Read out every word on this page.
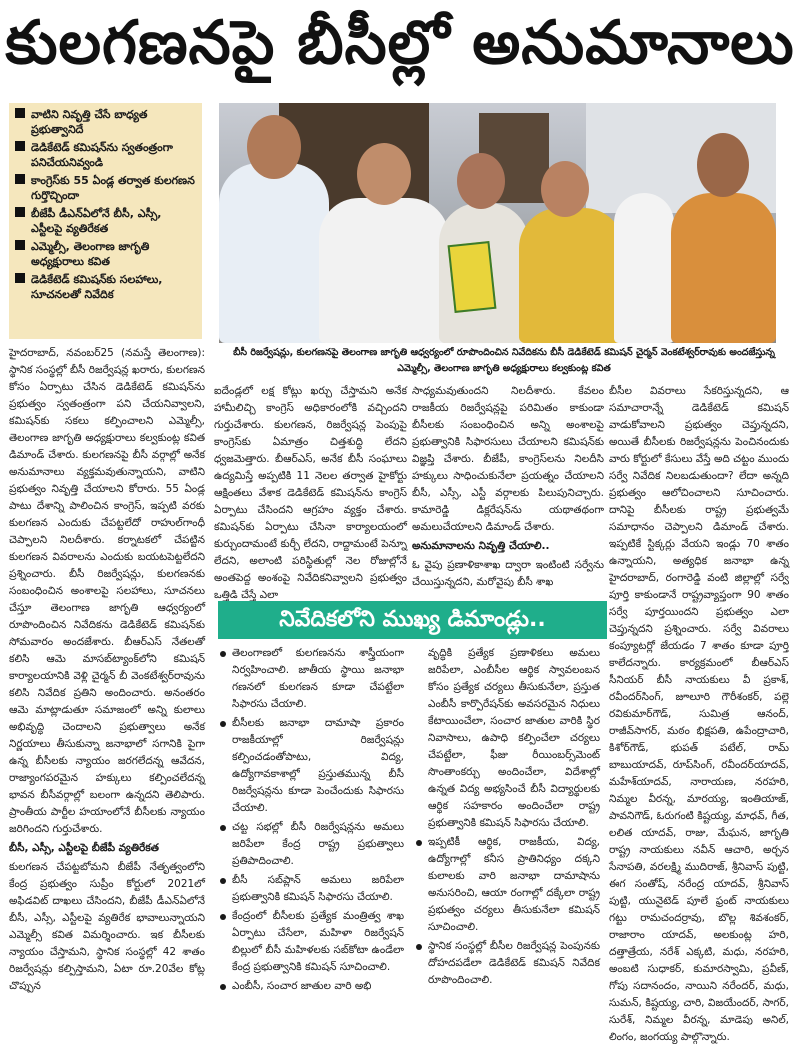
కులగణనపై బీసీల్లో అనుమానాలు
వాటిని నివృత్తి చేసే బాధ్యత ప్రభుత్వానిదే
డెడికేటెడ్ కమిషన్‌ను స్వతంత్రంగా పనిచేయనివ్వండి
కాంగ్రెస్‌కు 55 ఏండ్ల తర్వాత కులగణన గుర్తొచ్చిందా
బీజేపీ డీఎన్‌ఏలోనే బీసీ, ఎస్సీ, ఎస్టీలపై వ్యతిరేకత
ఎమ్మెల్సీ, తెలంగాణ జాగృతి అధ్యక్షురాలు కవిత
డెడికేటెడ్ కమిషన్‌కు సలహాలు, సూచనలతో నివేదిక
బీసీ రిజర్వేషన్లు, కులగణనపై తెలంగాణ జాగృతి ఆధ్వర్యంలో రూపొందించిన నివేదికను బీసీ డెడికేటెడ్ కమిషన్ చైర్మన్ వెంకటేశ్వర్‌రావుకు అందజేస్తున్న ఎమ్మెల్సీ, తెలంగాణ జాగృతి అధ్యక్షురాలు కల్వకుంట్ల కవిత

హైదరాబాద్, నవంబర్25 (నమస్తే తెలంగాణ): స్థానిక సంస్థల్లో బీసీ రిజర్వేషన్ల ఖరారు, కులగణన కోసం ఏర్పాటు చేసిన డెడికేటెడ్ కమిషన్‌ను ప్రభుత్వం స్వతంత్రంగా పని చేయనివ్వాలని, కమిషన్‌కు సకలు కల్పించాలని ఎమ్మెల్సీ, తెలంగాణ జాగృతి అధ్యక్షురాలు కల్వకుంట్ల కవిత డిమాండ్ చేశారు. కులగణనపై బీసీ వర్గాల్లో అనేక అనుమానాలు వ్యక్తమవుతున్నాయని, వాటిని ప్రభుత్వం నివృత్తి చేయాలని కోరారు. 55 ఏండ్ల పాటు దేశాన్ని పాలించిన కాంగ్రెస్, ఇప్పటి వరకు కులగణన ఎందుకు చేపట్టలేదో రాహుల్‌గాంధీ చెప్పాలని నిలదీశారు. కర్నాటకలో చేపట్టిన కులగణన వివరాలను ఎందుకు బయటపెట్టలేదని ప్రశ్నించారు. బీసీ రిజర్వేషన్లు, కులగణనకు సంబంధించిన అంశాలపై సలహాలు, సూచనలు చేస్తూ తెలంగాణ జాగృతి ఆధ్వర్యంలో రూపొందించిన నివేదికను డెడికేటెడ్ కమిషన్‌కు సోమవారం అందజేశారు. బీఆర్‌ఎస్ నేతలతో కలిసి ఆమె మాసబ్‌ట్యాంక్‌లోని కమిషన్ కార్యాలయానికి వెళ్లి చైర్మన్ బీ వెంకటేశ్వర్‌రావును కలిసి నివేదిక ప్రతిని అందించారు. అనంతరం ఆమె మాట్లాడుతూ సమాజంలో అన్ని కులాలు అభివృద్ధి చెందాలని ప్రభుత్వాలు అనేక నిర్ణయాలు తీసుకున్నా జనాభాలో సగానికి పైగా ఉన్న బీసీలకు న్యాయం జరగలేదన్న ఆవేదన, రాజ్యాంగపరమైన హక్కులు కల్పించలేదన్న భావన బీసీవర్గాల్లో బలంగా ఉన్నదని తెలిపారు. ప్రాంతీయ పార్టీల హయాంలోనే బీసీలకు న్యాయం జరిగిందని గుర్తుచేశారు.

బీసీ, ఎస్సీ, ఎస్టీలపై బీజేపీ వ్యతిరేకత

కులగణన చేపట్టబోమని బీజేపీ నేతృత్వంలోని కేంద్ర ప్రభుత్వం సుప్రీం కోర్టులో 2021లో అఫిడవిట్ దాఖలు చేసిందని, బీజేపీ డీఎన్‌ఏలోనే బీసీ, ఎస్సీ, ఎస్టీలపై వ్యతిరేక భావాలున్నాయని ఎమ్మెల్సీ కవిత విమర్శించారు. ఇక బీసీలకు న్యాయం చేస్తామని, స్థానిక సంస్థల్లో 42 శాతం రిజర్వేషన్లు కల్పిస్తామని, ఏటా రూ.20వేల కోట్ల చొప్పున

ఐదేండ్లలో లక్ష కోట్లు ఖర్చు చేస్తామని అనేక హామీలిచ్చి కాంగ్రెస్ అధికారంలోకి వచ్చిందని గుర్తుచేశారు. కులగణన, రిజర్వేషన్ల పెంపుపై కాంగ్రెస్‌కు ఏమాత్రం చిత్తశుద్ధి లేదని ధ్వజమెత్తారు. బీఆర్‌ఎస్, అనేక బీసీ సంఘాలు ఉద్యమిస్తే అప్పటికి 11 నెలల తర్వాత హైకోర్టు ఆక్షింతలు వేశాక డెడికేటెడ్ కమిషన్‌ను కాంగ్రెస్ ఏర్పాటు చేసిందని ఆగ్రహం వ్యక్తం చేశారు. కమిషన్‌కు ఏర్పాటు చేసినా కార్యాలయంలో కుర్చుందామంటే కుర్చీ లేదని, రాద్దామంటే పెన్నూ లేదని, అలాంటి పరిస్థితుల్లో నెల రోజుల్లోనే అంతపెద్ద అంశంపై నివేదికనివ్వాలని ప్రభుత్వం ఒత్తిడి చేస్తే ఎలా

సాధ్యమవుతుందని నిలదీశారు. కేవలం రాజకీయ రిజర్వేషన్లపై పరిమితం కాకుండా బీసీలకు సంబంధించిన అన్ని అంశాలపై ప్రభుత్వానికి సిఫారసులు చేయాలని కమిషన్‌కు విజ్ఞప్తి చేశారు. బీజేపీ, కాంగ్రెస్‌లను నిలదీసి హక్కులు సాధించుకునేలా ప్రయత్నం చేయాలని బీసీ, ఎస్సీ, ఎస్టీ వర్గాలకు పిలుపునిచ్చారు. కామారెడ్డి డిక్లరేషన్‌ను యథాతథంగా అమలుచేయాలని డిమాండ్ చేశారు.

అనుమానాలను నివృత్తి చేయాలి..

ఓ వైపు ప్రణాళికాశాఖ ద్వారా ఇంటింటి సర్వేను చేయిస్తున్నదని, మరోవైపు బీసీ శాఖ

బీసీల వివరాలు సేకరిస్తున్నదని, ఆ సమాచారాన్నే డెడికేటెడ్ కమిషన్ వాడుకోవాలని ప్రభుత్వం చెప్తున్నదని, అయితే బీసీలకు రిజర్వేషన్లను పెంచినందుకు వారు కోర్టులో కేసులు వేస్తే అది చట్టం ముందు సర్వే నివేదిక నిలబడుతుందా? లేదా అన్నది ప్రభుత్వం ఆలోచించాలని సూచించారు. దానిపై బీసీలకు రాష్ట్ర ప్రభుత్వమే సమాధానం చెప్పాలని డిమాండ్ చేశారు. ఇప్పటికే స్టిక్కర్లు వేయని ఇండ్లు 70 శాతం ఉన్నాయని, అత్యధిక జనాభా ఉన్న హైదరాబాద్, రంగారెడ్డి వంటి జిల్లాల్లో సర్వే పూర్తి కాకుండానే రాష్ట్రవ్యాప్తంగా 90 శాతం సర్వే పూర్తయిందని ప్రభుత్వం ఎలా చెప్తున్నదని ప్రశ్నించారు. సర్వే వివరాలు కంప్యూటర్లో జేయడం 7 శాతం కూడా పూర్తి కాలేదన్నారు. కార్యక్రమంలో బీఆర్‌ఎస్ సీనియర్ బీసీ నాయకులు వీ ప్రకాశ్, రవీందర్‌సింగ్, జూలూరి గౌరీశంకర్, పల్లె రవికుమార్‌గౌడ్, సుమిత్ర ఆనంద్, రాజీవ్‌సాగర్, మఠం భిక్షపతి, ఉపేంద్రాచారి, కిశోర్‌గౌడ్, భుపత్ పటేల్, రామ్ బాబుయాదవ్, రూప్‌సింగ్, రవీందర్‌యాదవ్, మహేశ్‌యాదవ్, నారాయణ, నరహరి, నిమ్మల వీరన్న, మారయ్య, ఇంతియాజ్, పావనిగౌడ్, ఓరుగంటి కిష్టయ్య, మాధవ్, గీత, లలిత యాదవ్, రాజు, మేఘన, జాగృతి రాష్ట్ర నాయకులు నవీన్ ఆచారి, అర్చన సేనాపతి, వరలక్ష్మి ముదిరాజ్, శ్రీనివాస్ పుట్టి, ఈగ సంతోష్, నరేంద్ర యాదవ్, శ్రీనివాస్ పుట్టి, యునైటెడ్ పూలే ఫ్రంట్ నాయకులు గట్టు రామచందర్రావు, బొల్ల శివశంకర్, రాజారాం యాదవ్, అలకుంట్ల హరి, దత్తాత్రేయ, నరేశ్ ఎక్కటి, మధు, నరహరి, అంబటి సుధాకర్, కుమారస్వామి, ప్రవీణ్, గోపు సదానందం, నాయిని నరేందర్, మధు, సుమన్, కిష్టయ్య, చారి, విజయేందర్, సాగర్, సురేశ్, నిమ్మల వీరన్న, మాడెపు అనిల్, లింగం, జంగయ్య పాల్గొన్నారు.

నివేదికలోని ముఖ్య డిమాండ్లు..
తెలంగాణలో కులగణనను శాస్త్రీయంగా నిర్వహించాలి. జాతీయ స్థాయి జనాభా గణనలో కులగణన కూడా చేపట్టేలా సిఫారసు చేయాలి.
బీసీలకు జనాభా దామాషా ప్రకారం రాజకీయాల్లో రిజర్వేషన్లు కల్పించడంతోపాటు, విద్య, ఉద్యోగావకాశాల్లో ప్రస్తుతమున్న బీసీ రిజర్వేషన్లను కూడా పెంచేందుకు సిఫారసు చేయాలి.
చట్ట సభల్లో బీసీ రిజర్వేషన్లను అమలు జరిపేలా కేంద్ర రాష్ట్ర ప్రభుత్వాలు ప్రతిపాదించాలి.
బీసీ సబ్‌ప్లాన్ అమలు జరిపేలా ప్రభుత్వానికి కమిషన్ సిఫారసు చేయాలి.
కేంద్రంలో బీసీలకు ప్రత్యేక మంత్రిత్వ శాఖ ఏర్పాటు చేసేలా, మహిళా రిజర్వేషన్ బిల్లులో బీసీ మహిళలకు సబ్‌కోటా ఉండేలా కేంద్ర ప్రభుత్వానికి కమిషన్ సూచించాలి.
ఎంబీసీ, సంచార జాతుల వారి అభి
వృద్ధికి ప్రత్యేక ప్రణాళికలు అమలు జరిపేలా, ఎంబీసీల ఆర్థిక స్వావలంబన కోసం ప్రత్యేక చర్యలు తీసుకునేలా, ప్రస్తుత ఎంబీసీ కార్పొరేషన్‌కు అవసరమైన నిధులు కేటాయించేలా, సంచార జాతుల వారికి స్థిర నివాసాలు, ఉపాధి కల్పించేలా చర్యలు చేపట్టేలా, ఫీజు రీయింబర్స్‌మెంట్ సొంతాంకర్చు అందించేలా, విదేశాల్లో ఉన్నత విద్య అభ్యసించే బీసీ విద్యార్థులకు ఆర్థిక సహకారం అందించేలా రాష్ట్ర ప్రభుత్వానికి కమిషన్ సిఫారసు చేయాలి.
ఇప్పటికీ ఆర్థిక, రాజకీయ, విద్య, ఉద్యోగాల్లో కనీస ప్రాతినిధ్యం దక్కని కులాలకు వారి జనాభా దామాషాను అనుసరించి, ఆయా రంగాల్లో దక్కేలా రాష్ట్ర ప్రభుత్వం చర్యలు తీసుకునేలా కమిషన్ సూచించాలి.
స్థానిక సంస్థల్లో బీసీల రిజర్వేషన్ల పెంపునకు దోహదపడేలా డెడికేటెడ్ కమిషన్ నివేదిక రూపొందించాలి.
